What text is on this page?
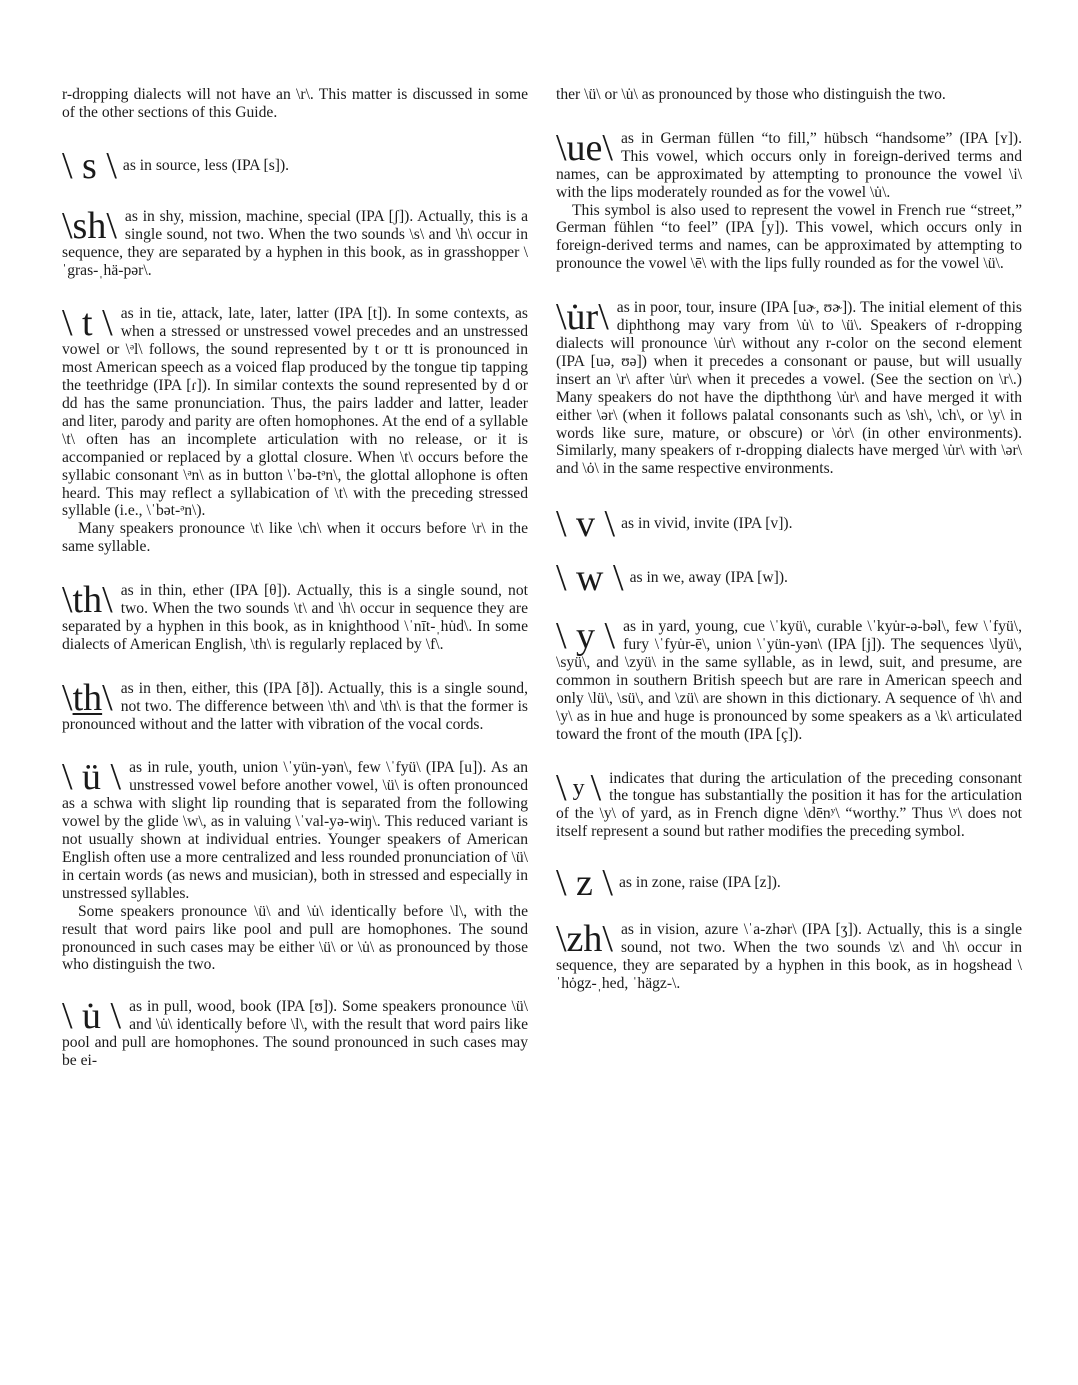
r-dropping dialects will not have an \r\. This matter is discussed in some of the other sections of this Guide.

\ s \ as in source, less (IPA [s]).
\sh\ as in shy, mission, machine, special (IPA [ʃ]). Actually, this is a single sound, not two. When the two sounds \s\ and \h\ occur in sequence, they are separated by a hyphen in this book, as in grasshopper \ˈgras-ˌhä-pər\.
\ t \ as in tie, attack, late, later, latter (IPA [t]). In some contexts, as when a stressed or unstressed vowel precedes and an unstressed vowel or \ᵊl\ follows, the sound represented by t or tt is pronounced in most American speech as a voiced flap produced by the tongue tip tapping the teethridge (IPA [ɾ]). In similar contexts the sound represented by d or dd has the same pronunciation. Thus, the pairs ladder and latter, leader and liter, parody and parity are often homophones. At the end of a syllable \t\ often has an incomplete articulation with no release, or it is accompanied or replaced by a glottal closure. When \t\ occurs before the syllabic consonant \ᵊn\ as in button \ˈbə-tᵊn\, the glottal allophone is often heard. This may reflect a syllabication of \t\ with the preceding stressed syllable (i.e., \ˈbət-ᵊn\).

Many speakers pronounce \t\ like \ch\ when it occurs before \r\ in the same syllable.

\th\ as in thin, ether (IPA [θ]). Actually, this is a single sound, not two. When the two sounds \t\ and \h\ occur in sequence they are separated by a hyphen in this book, as in knighthood \ˈnīt-ˌhu̇d\. In some dialects of American English, \th\ is regularly replaced by \f\.
\th\ as in then, either, this (IPA [ð]). Actually, this is a single sound, not two. The difference between \th\ and \th\ is that the former is pronounced without and the latter with vibration of the vocal cords.
\ ü \ as in rule, youth, union \ˈyün-yən\, few \ˈfyü\ (IPA [u]). As an unstressed vowel before another vowel, \ü\ is often pronounced as a schwa with slight lip rounding that is separated from the following vowel by the glide \w\, as in valuing \ˈval-yə-wiŋ\. This reduced variant is not usually shown at individual entries. Younger speakers of American English often use a more centralized and less rounded pronunciation of \ü\ in certain words (as news and musician), both in stressed and especially in unstressed syllables.

Some speakers pronounce \ü\ and \u̇\ identically before \l\, with the result that word pairs like pool and pull are homophones. The sound pronounced in such cases may be either \ü\ or \u̇\ as pronounced by those who distinguish the two.

\ u̇ \ as in pull, wood, book (IPA [ʊ]). Some speakers pronounce \ü\ and \u̇\ identically before \l\, with the result that word pairs like pool and pull are homophones. The sound pronounced in such cases may be ei-

ther \ü\ or \u̇\ as pronounced by those who distinguish the two.

\ue\ as in German füllen “to fill,” hübsch “handsome” (IPA [ʏ]). This vowel, which occurs only in foreign-derived terms and names, can be approximated by attempting to pronounce the vowel \i\ with the lips moderately rounded as for the vowel \u̇\.

This symbol is also used to represent the vowel in French rue “street,” German fühlen “to feel” (IPA [y]). This vowel, which occurs only in foreign-derived terms and names, can be approximated by attempting to pronounce the vowel \ē\ with the lips fully rounded as for the vowel \ü\.

\u̇r\ as in poor, tour, insure (IPA [uɚ, ʊɚ]). The initial element of this diphthong may vary from \u̇\ to \ü\. Speakers of r-dropping dialects will pronounce \u̇r\ without any r-color on the second element (IPA [uə, ʊə]) when it precedes a consonant or pause, but will usually insert an \r\ after \u̇r\ when it precedes a vowel. (See the section on \r\.) Many speakers do not have the dipththong \u̇r\ and have merged it with either \ər\ (when it follows palatal consonants such as \sh\, \ch\, or \y\ in words like sure, mature, or obscure) or \ȯr\ (in other environments). Similarly, many speakers of r-dropping dialects have merged \u̇r\ with \ər\ and \ȯ\ in the same respective environments.
\ v \ as in vivid, invite (IPA [v]).
\ w \ as in we, away (IPA [w]).
\ y \ as in yard, young, cue \ˈkyü\, curable \ˈkyu̇r-ə-bəl\, few \ˈfyü\, fury \ˈfyu̇r-ē\, union \ˈyün-yən\ (IPA [j]). The sequences \lyü\, \syü\, and \zyü\ in the same syllable, as in lewd, suit, and presume, are common in southern British speech but are rare in American speech and only \lü\, \sü\, and \zü\ are shown in this dictionary. A sequence of \h\ and \y\ as in hue and huge is pronounced by some speakers as a \k\ articulated toward the front of the mouth (IPA [ç]).
\ $^y$ \ indicates that during the articulation of the preceding consonant the tongue has substantially the position it has for the articulation of the \y\ of yard, as in French digne \dēnʸ\ “worthy.” Thus \ʸ\ does not itself represent a sound but rather modifies the preceding symbol.
\ z \ as in zone, raise (IPA [z]).
\zh\ as in vision, azure \ˈa-zhər\ (IPA [ʒ]). Actually, this is a single sound, not two. When the two sounds \z\ and \h\ occur in sequence, they are separated by a hyphen in this book, as in hogshead \ˈhȯgz-ˌhed, ˈhägz-\.
